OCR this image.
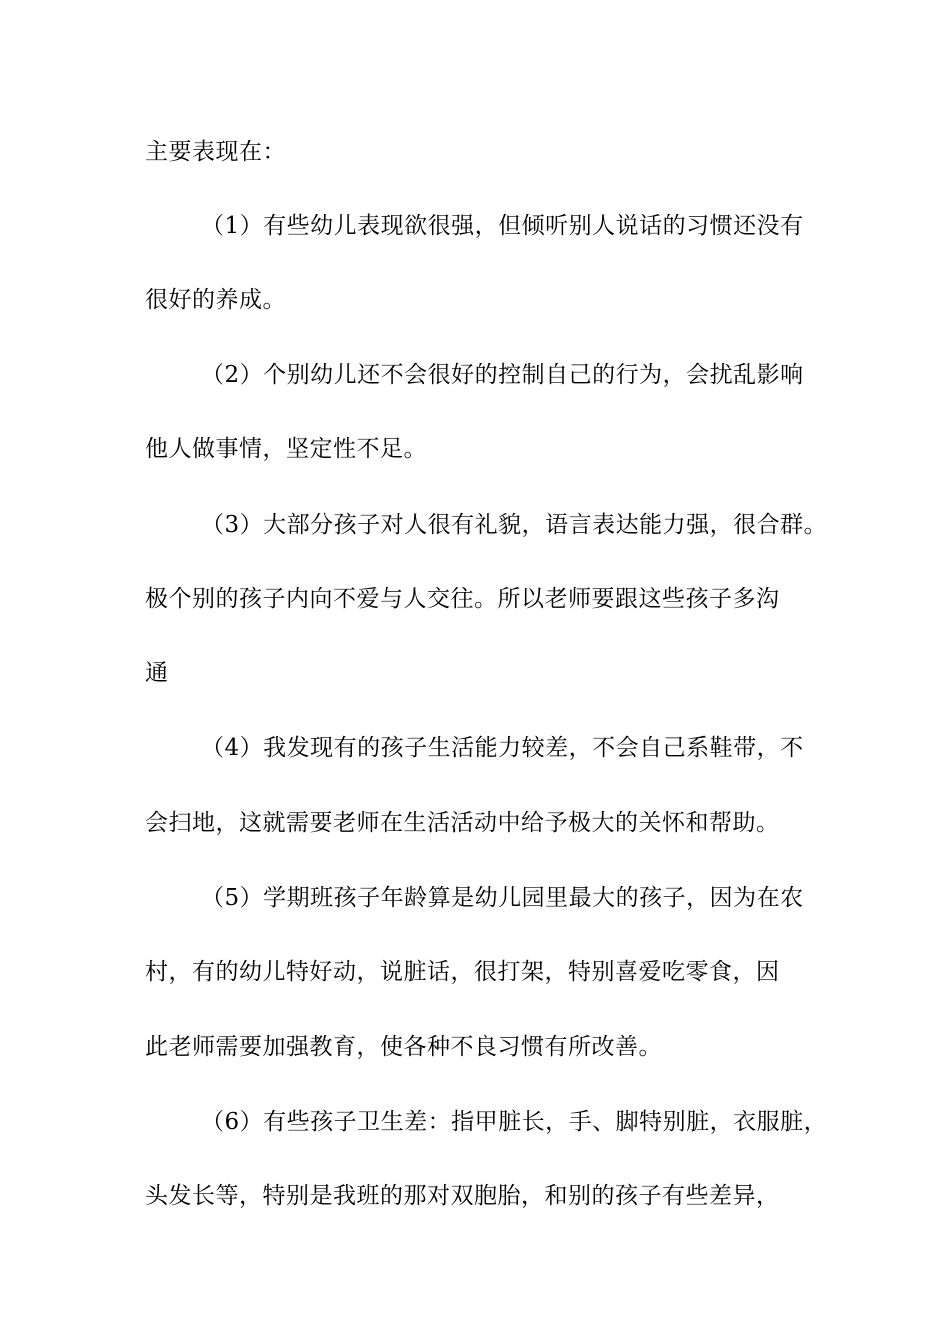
主要表现在：
（1）有些幼儿表现欲很强，但倾听别人说话的习惯还没有
很好的养成。
（2）个别幼儿还不会很好的控制自己的行为，会扰乱影响
他人做事情，坚定性不足。
（3）大部分孩子对人很有礼貌，语言表达能力强，很合群。
极个别的孩子内向不爱与人交往。所以老师要跟这些孩子多沟
通
（4）我发现有的孩子生活能力较差，不会自己系鞋带，不
会扫地，这就需要老师在生活活动中给予极大的关怀和帮助。
（5）学期班孩子年龄算是幼儿园里最大的孩子，因为在农
村，有的幼儿特好动，说脏话，很打架，特别喜爱吃零食，因
此老师需要加强教育，使各种不良习惯有所改善。
（6）有些孩子卫生差：指甲脏长，手、脚特别脏，衣服脏，
头发长等，特别是我班的那对双胞胎，和别的孩子有些差异，
